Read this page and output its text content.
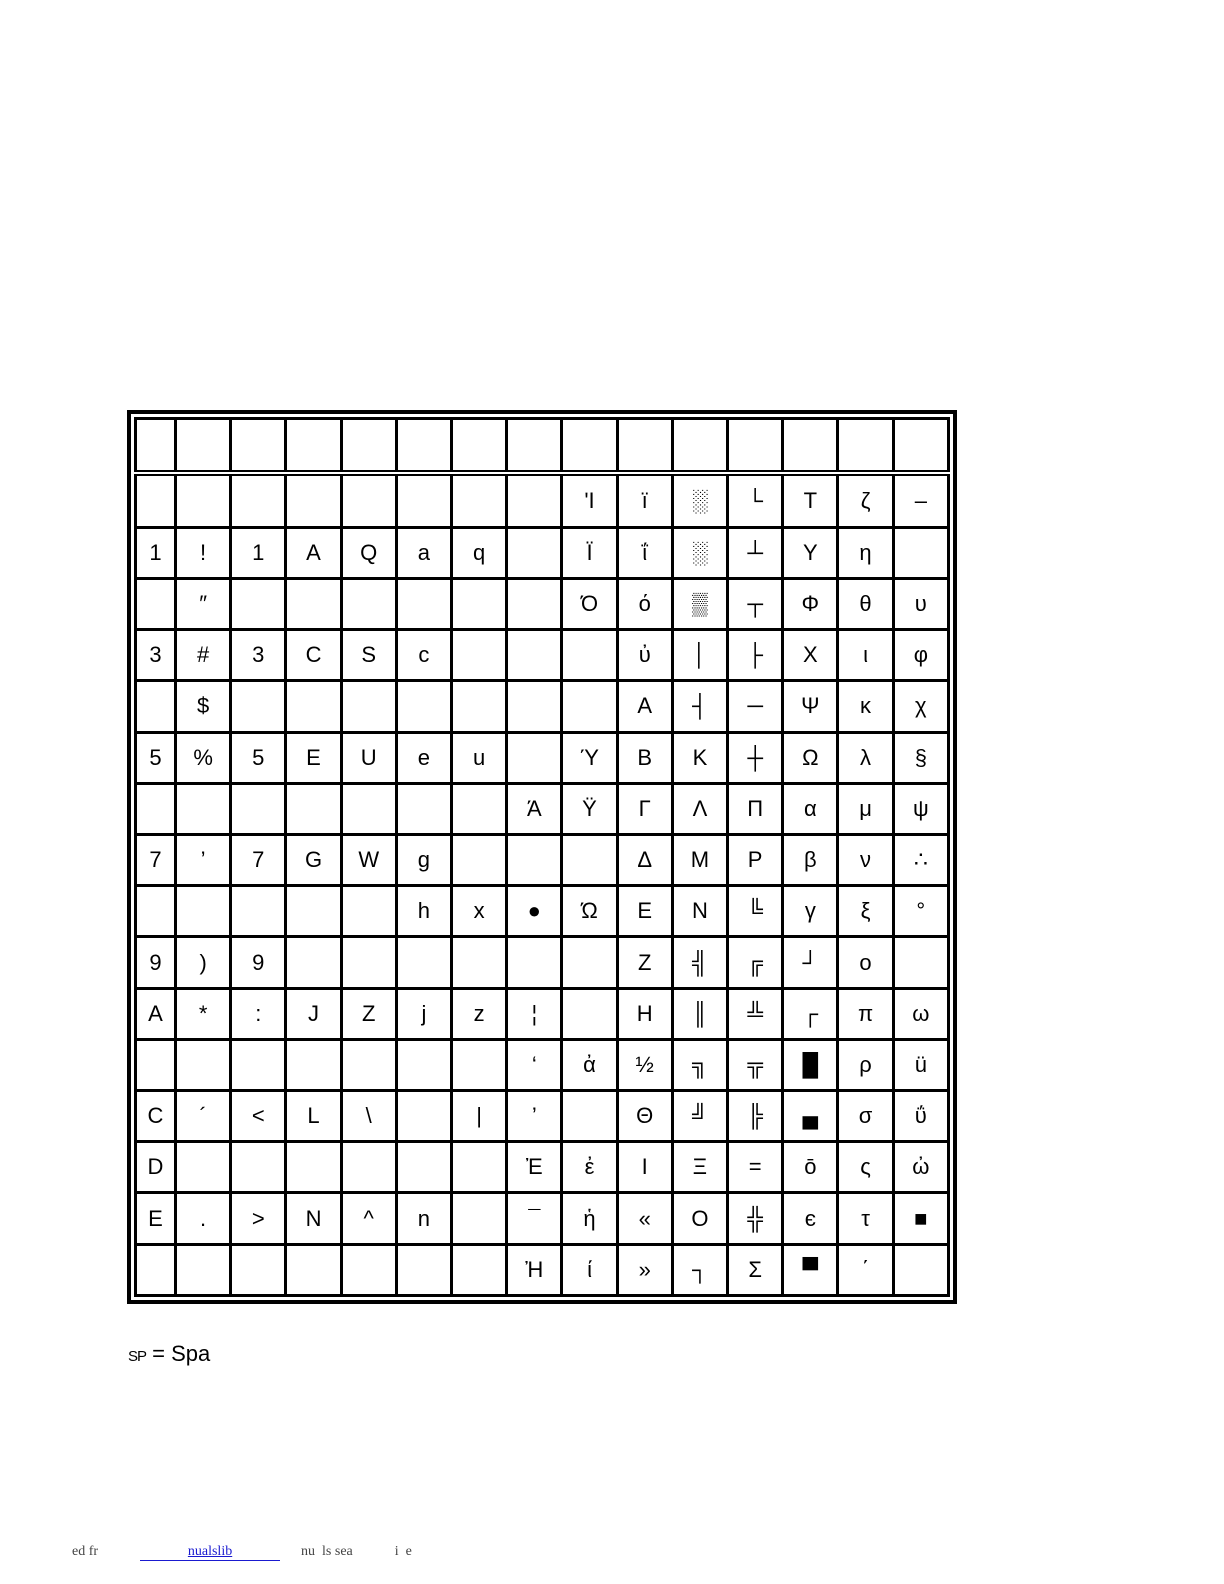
								ʹΙ	ï	░	└	Τ	ζ	–
1	!	1	A	Q	a	q		Ϊ	ΐ	░	┴	Υ	η	
	″							Ό	ό	▒	┬	Φ	θ	υ
3	#	3	C	S	c				ὐ	│	├	Χ	ι	φ
	$								Α	┤	─	Ψ	κ	χ
5	%	5	E	U	e	u		Ύ	Β	Κ	┼	Ω	λ	§
							Ά	Ϋ	Γ	Λ	Π	α	μ	ψ
7	’	7	G	W	g				Δ	Μ	Ρ	β	ν	∴
					h	x	●	Ώ	Ε	Ν	╚	γ	ξ	°
9	)	9							Ζ	╣	╔	┘	ο	
A	*	:	J	Z	j	z	¦		Η	║	╩	┌	π	ω
							‘	ἀ	½	╗	╦	█	ρ	ü
C	´	<	L	\		|	’		Θ	╝	╠	▄	σ	ΰ
D							Ἐ	ἐ	Ι	Ξ	=	ō	ς	ὠ
E	.	>	N	^	n		¯	ἡ	«	Ο	╬	є	τ	■
							Ἠ	ί	»	┐	Σ	▀	΄	
SP = Spa
ed fr	nualslib	nu  ls sea	i  e
